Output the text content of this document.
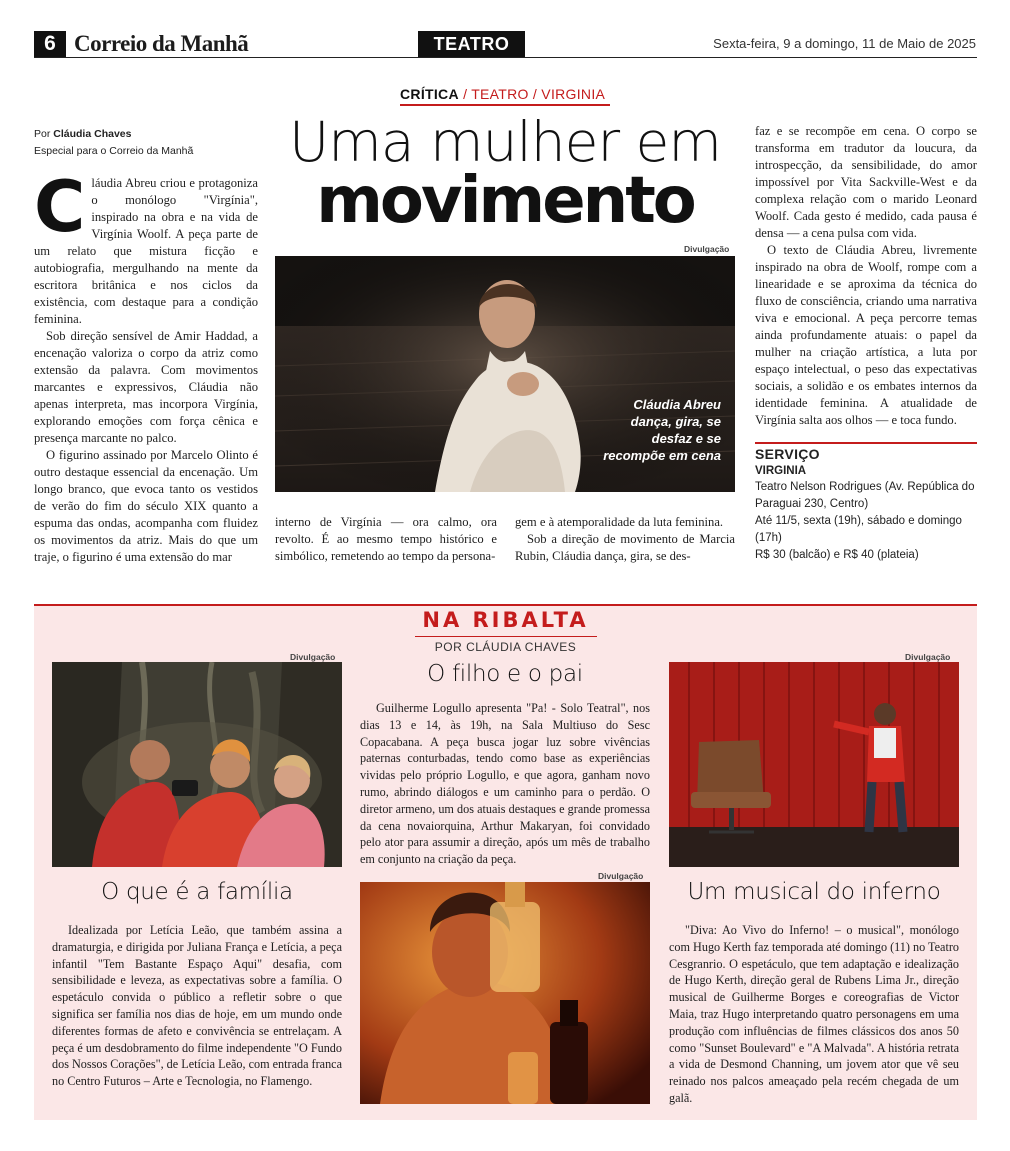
6 Correio da Manhã	TEATRO	Sexta-feira, 9 a domingo, 11 de Maio de 2025
CRÍTICA / TEATRO / VIRGINIA
Uma mulher em
movimento
Por Cláudia Chaves
Especial para o Correio da Manhã

Cláudia Abreu criou e protagoniza o monólogo "Virgínia", inspirado na obra e na vida de Virgínia Woolf. A peça parte de um relato que mistura ficção e autobiografia, mergulhando na mente da escritora britânica e nos ciclos da existência, com destaque para a condição feminina.

Sob direção sensível de Amir Haddad, a encenação valoriza o corpo da atriz como extensão da palavra. Com movimentos marcantes e expressivos, Cláudia não apenas interpreta, mas incorpora Virgínia, explorando emoções com força cênica e presença marcante no palco.

O figurino assinado por Marcelo Olinto é outro destaque essencial da encenação. Um longo branco, que evoca tanto os vestidos de verão do fim do século XIX quanto a espuma das ondas, acompanha com fluidez os movimentos da atriz. Mais do que um traje, o figurino é uma extensão do mar

Divulgação
Cláudia Abreu dança, gira, se desfaz e se recompõe em cena

interno de Virgínia — ora calmo, ora revolto. É ao mesmo tempo histórico e simbólico, remetendo ao tempo da persona-

gem e à atemporalidade da luta feminina.

Sob a direção de movimento de Marcia Rubin, Cláudia dança, gira, se des-

faz e se recompõe em cena. O corpo se transforma em tradutor da loucura, da introspecção, da sensibilidade, do amor impossível por Vita Sackville-West e da complexa relação com o marido Leonard Woolf. Cada gesto é medido, cada pausa é densa — a cena pulsa com vida.

O texto de Cláudia Abreu, livremente inspirado na obra de Woolf, rompe com a linearidade e se aproxima da técnica do fluxo de consciência, criando uma narrativa viva e emocional. A peça percorre temas ainda profundamente atuais: o papel da mulher na criação artística, a luta por espaço intelectual, o peso das expectativas sociais, a solidão e os embates internos da identidade feminina. A atualidade de Virgínia salta aos olhos — e toca fundo.

SERVIÇO
VIRGINIA
Teatro Nelson Rodrigues (Av. República do Paraguai 230, Centro)
Até 11/5, sexta (19h), sábado e domingo (17h)
R$ 30 (balcão) e R$ 40 (plateia)
NA RIBALTA
POR CLÁUDIA CHAVES
Divulgação
O que é a família

Idealizada por Letícia Leão, que também assina a dramaturgia, e dirigida por Juliana França e Letícia, a peça infantil "Tem Bastante Espaço Aqui" desafia, com sensibilidade e leveza, as expectativas sobre a família. O espetáculo convida o público a refletir sobre o que significa ser família nos dias de hoje, em um mundo onde diferentes formas de afeto e convivência se entrelaçam. A peça é um desdobramento do filme independente "O Fundo dos Nossos Corações", de Letícia Leão, com entrada franca no Centro Futuros – Arte e Tecnologia, no Flamengo.

O filho e o pai

Guilherme Logullo apresenta "Pa! - Solo Teatral", nos dias 13 e 14, às 19h, na Sala Multiuso do Sesc Copacabana. A peça busca jogar luz sobre vivências paternas conturbadas, tendo como base as experiências vividas pelo próprio Logullo, e que agora, ganham novo rumo, abrindo diálogos e um caminho para o perdão. O diretor armeno, um dos atuais destaques e grande promessa da cena novaiorquina, Arthur Makaryan, foi convidado pelo ator para assumir a direção, após um mês de trabalho em conjunto na criação da peça.

Divulgação
Divulgação
Um musical do inferno

"Diva: Ao Vivo do Inferno! – o musical", monólogo com Hugo Kerth faz temporada até domingo (11) no Teatro Cesgranrio. O espetáculo, que tem adaptação e idealização de Hugo Kerth, direção geral de Rubens Lima Jr., direção musical de Guilherme Borges e coreografias de Victor Maia, traz Hugo interpretando quatro personagens em uma produção com influências de filmes clássicos dos anos 50 como "Sunset Boulevard" e "A Malvada". A história retrata a vida de Desmond Channing, um jovem ator que vê seu reinado nos palcos ameaçado pela recém chegada de um galã.
